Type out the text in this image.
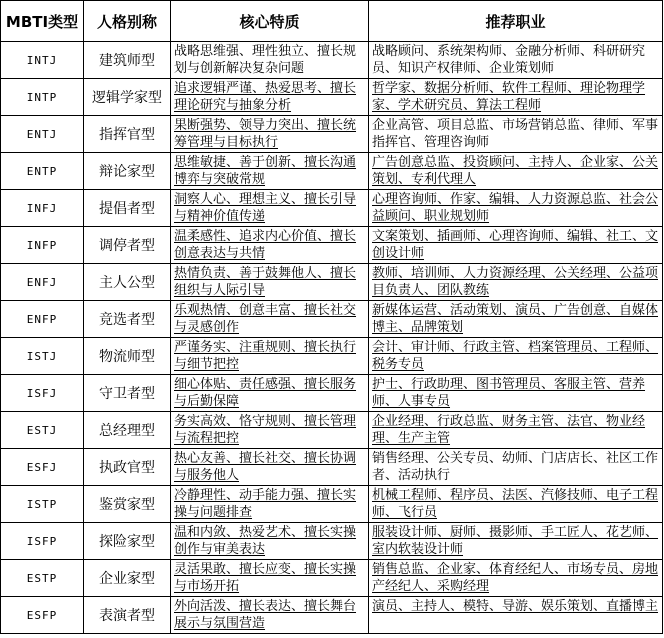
MBTI类型	人格别称	核心特质	推荐职业
INTJ	建筑师型	战略思维强、理性独立、擅长规划与创新解决复杂问题	战略顾问、系统架构师、金融分析师、科研研究员、知识产权律师、企业策划师
INTP	逻辑学家型	追求逻辑严谨、热爱思考、擅长理论研究与抽象分析	哲学家、数据分析师、软件工程师、理论物理学家、学术研究员、算法工程师
ENTJ	指挥官型	果断强势、领导力突出、擅长统筹管理与目标执行	企业高管、项目总监、市场营销总监、律师、军事指挥官、管理咨询师
ENTP	辩论家型	思维敏捷、善于创新、擅长沟通博弈与突破常规	广告创意总监、投资顾问、主持人、企业家、公关策划、专利代理人
INFJ	提倡者型	洞察人心、理想主义、擅长引导与精神价值传递	心理咨询师、作家、编辑、人力资源总监、社会公益顾问、职业规划师
INFP	调停者型	温柔感性、追求内心价值、擅长创意表达与共情	文案策划、插画师、心理咨询师、编辑、社工、文创设计师
ENFJ	主人公型	热情负责、善于鼓舞他人、擅长组织与人际引导	教师、培训师、人力资源经理、公关经理、公益项目负责人、团队教练
ENFP	竞选者型	乐观热情、创意丰富、擅长社交与灵感创作	新媒体运营、活动策划、演员、广告创意、自媒体博主、品牌策划
ISTJ	物流师型	严谨务实、注重规则、擅长执行与细节把控	会计、审计师、行政主管、档案管理员、工程师、税务专员
ISFJ	守卫者型	细心体贴、责任感强、擅长服务与后勤保障	护士、行政助理、图书管理员、客服主管、营养师、人事专员
ESTJ	总经理型	务实高效、恪守规则、擅长管理与流程把控	企业经理、行政总监、财务主管、法官、物业经理、生产主管
ESFJ	执政官型	热心友善、擅长社交、擅长协调与服务他人	销售经理、公关专员、幼师、门店店长、社区工作者、活动执行
ISTP	鉴赏家型	冷静理性、动手能力强、擅长实操与问题排查	机械工程师、程序员、法医、汽修技师、电子工程师、飞行员
ISFP	探险家型	温和内敛、热爱艺术、擅长实操创作与审美表达	服装设计师、厨师、摄影师、手工匠人、花艺师、室内软装设计师
ESTP	企业家型	灵活果敢、擅长应变、擅长实操与市场开拓	销售总监、企业家、体育经纪人、市场专员、房地产经纪人、采购经理
ESFP	表演者型	外向活泼、擅长表达、擅长舞台展示与氛围营造	演员、主持人、模特、导游、娱乐策划、直播博主
